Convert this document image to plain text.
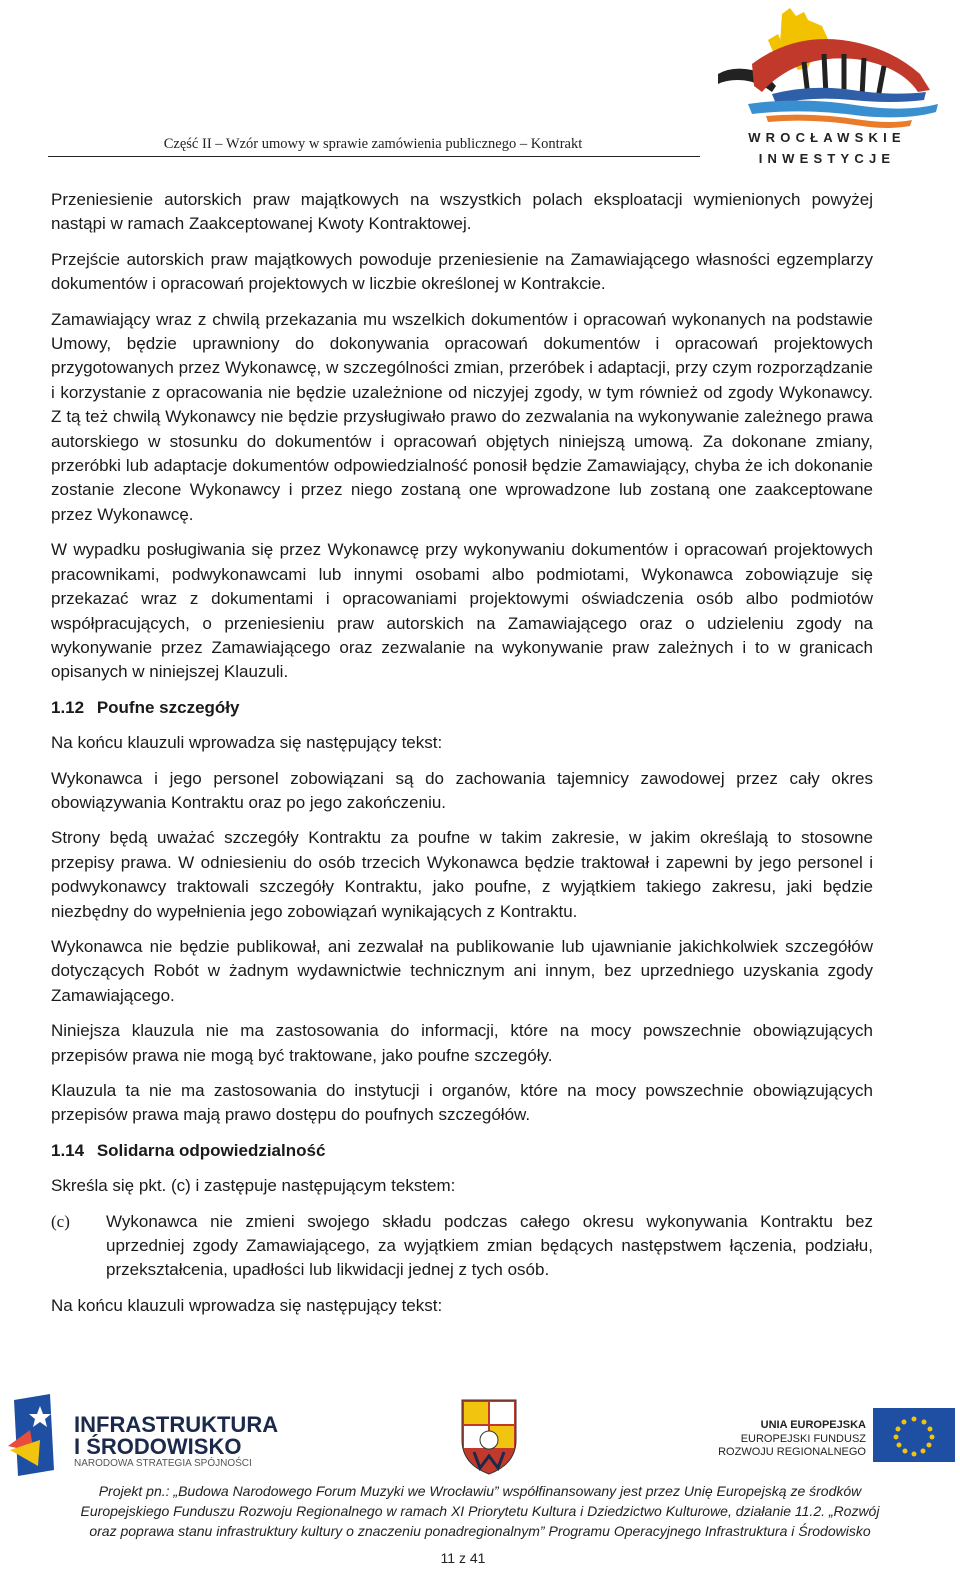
Część II – Wzór umowy w sprawie zamówienia publicznego – Kontrakt	WROCŁAWSKIE
INWESTYCJE

Przeniesienie autorskich praw majątkowych na wszystkich polach eksploatacji wymienionych powyżej nastąpi w ramach Zaakceptowanej Kwoty Kontraktowej.

Przejście autorskich praw majątkowych powoduje przeniesienie na Zamawiającego własności egzemplarzy dokumentów i opracowań projektowych w liczbie określonej w Kontrakcie.

Zamawiający wraz z chwilą przekazania mu wszelkich dokumentów i opracowań wykonanych na podstawie Umowy, będzie uprawniony do dokonywania opracowań dokumentów i opracowań projektowych przygotowanych przez Wykonawcę, w szczególności zmian, przeróbek i adaptacji, przy czym rozporządzanie i korzystanie z opracowania nie będzie uzależnione od niczyjej zgody, w tym również od zgody Wykonawcy. Z tą też chwilą Wykonawcy nie będzie przysługiwało prawo do zezwalania na wykonywanie zależnego prawa autorskiego w stosunku do dokumentów i opracowań objętych niniejszą umową. Za dokonane zmiany, przeróbki lub adaptacje dokumentów odpowiedzialność ponosił będzie Zamawiający, chyba że ich dokonanie zostanie zlecone Wykonawcy i przez niego zostaną one wprowadzone lub zostaną one zaakceptowane przez Wykonawcę.

W wypadku posługiwania się przez Wykonawcę przy wykonywaniu dokumentów i opracowań projektowych pracownikami, podwykonawcami lub innymi osobami albo podmiotami, Wykonawca zobowiązuje się przekazać wraz z dokumentami i opracowaniami projektowymi oświadczenia osób albo podmiotów współpracujących, o przeniesieniu praw autorskich na Zamawiającego oraz o udzieleniu zgody na wykonywanie przez Zamawiającego oraz zezwalanie na wykonywanie praw zależnych i to w granicach opisanych w niniejszej Klauzuli.

1.12 Poufne szczegóły

Na końcu klauzuli wprowadza się następujący tekst:

Wykonawca i jego personel zobowiązani są do zachowania tajemnicy zawodowej przez cały okres obowiązywania Kontraktu oraz po jego zakończeniu.

Strony będą uważać szczegóły Kontraktu za poufne w takim zakresie, w jakim określają to stosowne przepisy prawa. W odniesieniu do osób trzecich Wykonawca będzie traktował i zapewni by jego personel i podwykonawcy traktowali szczegóły Kontraktu, jako poufne, z wyjątkiem takiego zakresu, jaki będzie niezbędny do wypełnienia jego zobowiązań wynikających z Kontraktu.

Wykonawca nie będzie publikował, ani zezwalał na publikowanie lub ujawnianie jakichkolwiek szczegółów dotyczących Robót w żadnym wydawnictwie technicznym ani innym, bez uprzedniego uzyskania zgody Zamawiającego.

Niniejsza klauzula nie ma zastosowania do informacji, które na mocy powszechnie obowiązujących przepisów prawa nie mogą być traktowane, jako poufne szczegóły.

Klauzula ta nie ma zastosowania do instytucji i organów, które na mocy powszechnie obowiązujących przepisów prawa mają prawo dostępu do poufnych szczegółów.

1.14 Solidarna odpowiedzialność

Skreśla się pkt. (c) i zastępuje następującym tekstem:

(c)	Wykonawca nie zmieni swojego składu podczas całego okresu wykonywania Kontraktu bez uprzedniej zgody Zamawiającego, za wyjątkiem zmian będących następstwem łączenia, podziału, przekształcenia, upadłości lub likwidacji jednej z tych osób.

Na końcu klauzuli wprowadza się następujący tekst:

INFRASTRUKTURA
I ŚRODOWISKO
NARODOWA STRATEGIA SPÓJNOŚCI
UNIA EUROPEJSKA
EUROPEJSKI FUNDUSZ
ROZWOJU REGIONALNEGO
Projekt pn.: „Budowa Narodowego Forum Muzyki we Wrocławiu” współfinansowany jest przez Unię Europejską ze środków
Europejskiego Funduszu Rozwoju Regionalnego w ramach XI Priorytetu Kultura i Dziedzictwo Kulturowe, działanie 11.2. „Rozwój
oraz poprawa stanu infrastruktury kultury o znaczeniu ponadregionalnym” Programu Operacyjnego Infrastruktura i Środowisko
11 z 41
